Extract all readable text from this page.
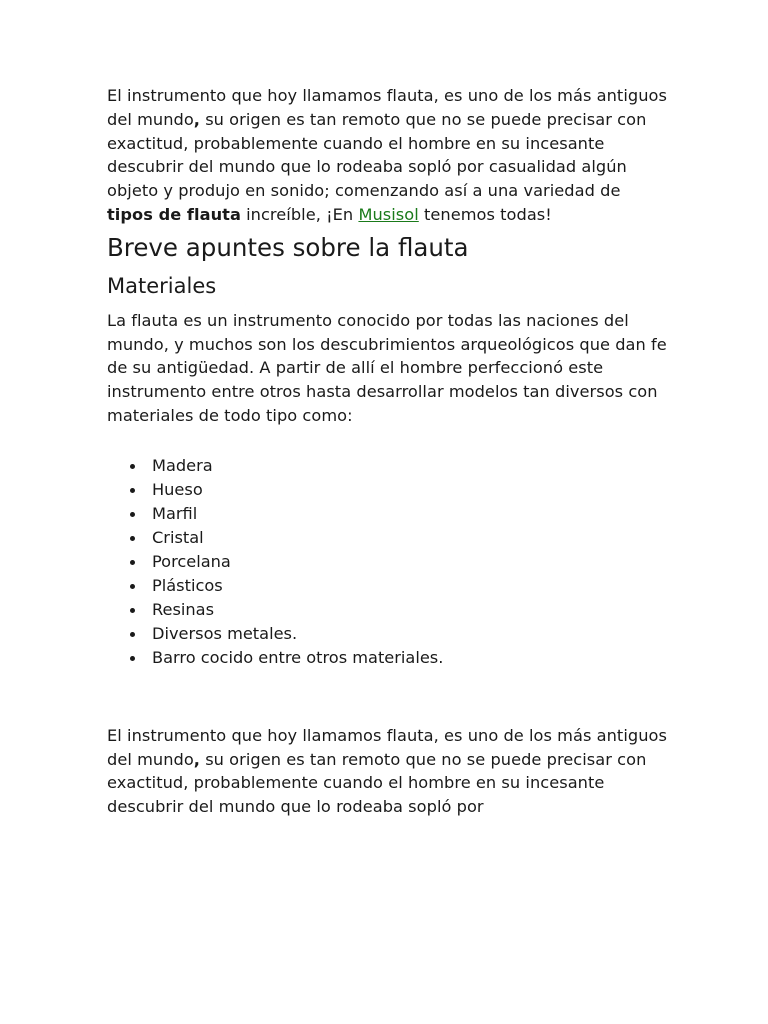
El instrumento que hoy llamamos flauta, es uno de los más antiguos del mundo, su origen es tan remoto que no se puede precisar con exactitud, probablemente cuando el hombre en su incesante descubrir del mundo que lo rodeaba sopló por casualidad algún objeto y produjo en sonido; comenzando así a una variedad de tipos de flauta increíble, ¡En Musisol tenemos todas!

Breve apuntes sobre la flauta
Materiales

La flauta es un instrumento conocido por todas las naciones del mundo, y muchos son los descubrimientos arqueológicos que dan fe de su antigüedad. A partir de allí el hombre perfeccionó este instrumento entre otros hasta desarrollar modelos tan diversos con materiales de todo tipo como:

Madera
Hueso
Marfil
Cristal
Porcelana
Plásticos
Resinas
Diversos metales.
Barro cocido entre otros materiales.

El instrumento que hoy llamamos flauta, es uno de los más antiguos del mundo, su origen es tan remoto que no se puede precisar con exactitud, probablemente cuando el hombre en su incesante descubrir del mundo que lo rodeaba sopló por
